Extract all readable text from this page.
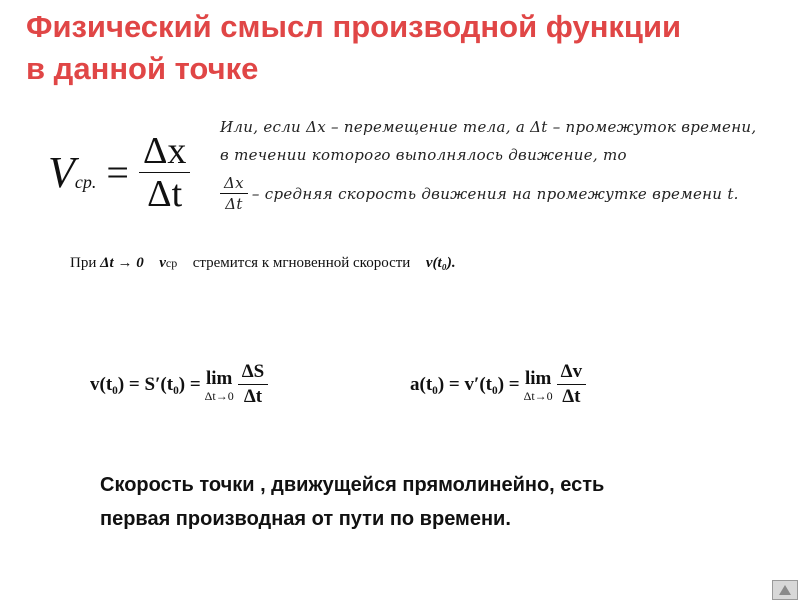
Физический смысл производной функции
в данной точке
V ср. = $\frac{\Delta x}{\Delta t}$
Или, если Δx – перемещение тела, а Δt – промежуток времени,
в течении которого выполнялось движение, то
$\frac{\Delta x}{\Delta t}$ – средняя скорость движения на промежутке времени t.
При Δt → 0 vср стремится к мгновенной скорости v(t₀).
v(t₀) = S′(t₀) = lim
$\Delta t\to 0 \frac{\Delta S}{\Delta t}$	a(t₀) = v′(t₀) = lim
$\Delta t\to 0 \frac{\Delta v}{\Delta t}$
Скорость точки , движущейся прямолинейно, есть
первая производная от пути по времени.
